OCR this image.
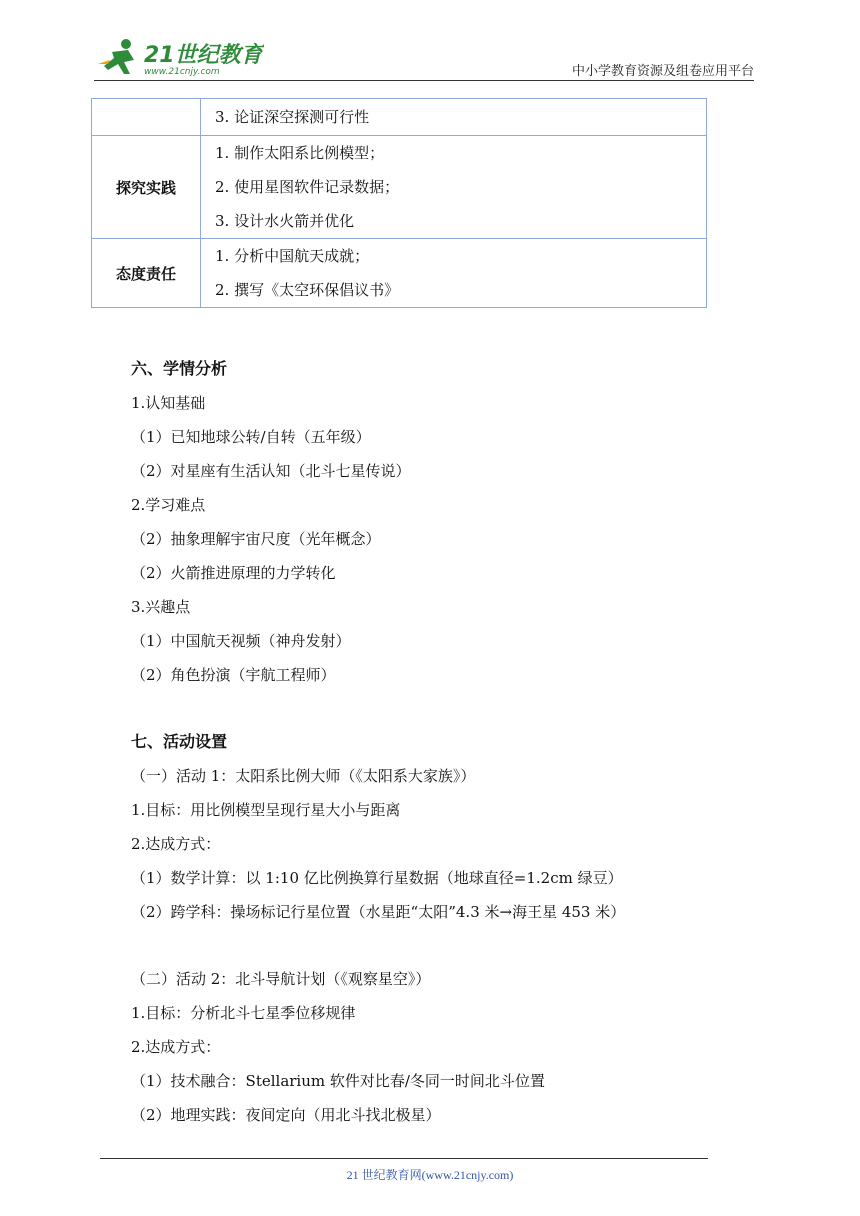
21世纪教育
www.21cnjy.com	中小学教育资源及组卷应用平台

	3. 论证深空探测可行性

探究实践	1. 制作太阳系比例模型；
2. 使用星图软件记录数据；
3. 设计水火箭并优化

态度责任	1. 分析中国航天成就；
2. 撰写《太空环保倡议书》
六、学情分析
1.认知基础
（1）已知地球公转/自转（五年级）
（2）对星座有生活认知（北斗七星传说）
2.学习难点
（2）抽象理解宇宙尺度（光年概念）
（2）火箭推进原理的力学转化
3.兴趣点
（1）中国航天视频（神舟发射）
（2）角色扮演（宇航工程师）
七、活动设置
（一）活动 1：太阳系比例大师（《太阳系大家族》）
1.目标：用比例模型呈现行星大小与距离
2.达成方式：
（1）数学计算：以 1:10 亿比例换算行星数据（地球直径=1.2cm 绿豆）
（2）跨学科：操场标记行星位置（水星距“太阳”4.3 米→海王星 453 米）
（二）活动 2：北斗导航计划（《观察星空》）
1.目标：分析北斗七星季位移规律
2.达成方式：
（1）技术融合：Stellarium 软件对比春/冬同一时间北斗位置
（2）地理实践：夜间定向（用北斗找北极星）
21 世纪教育网(www.21cnjy.com)
